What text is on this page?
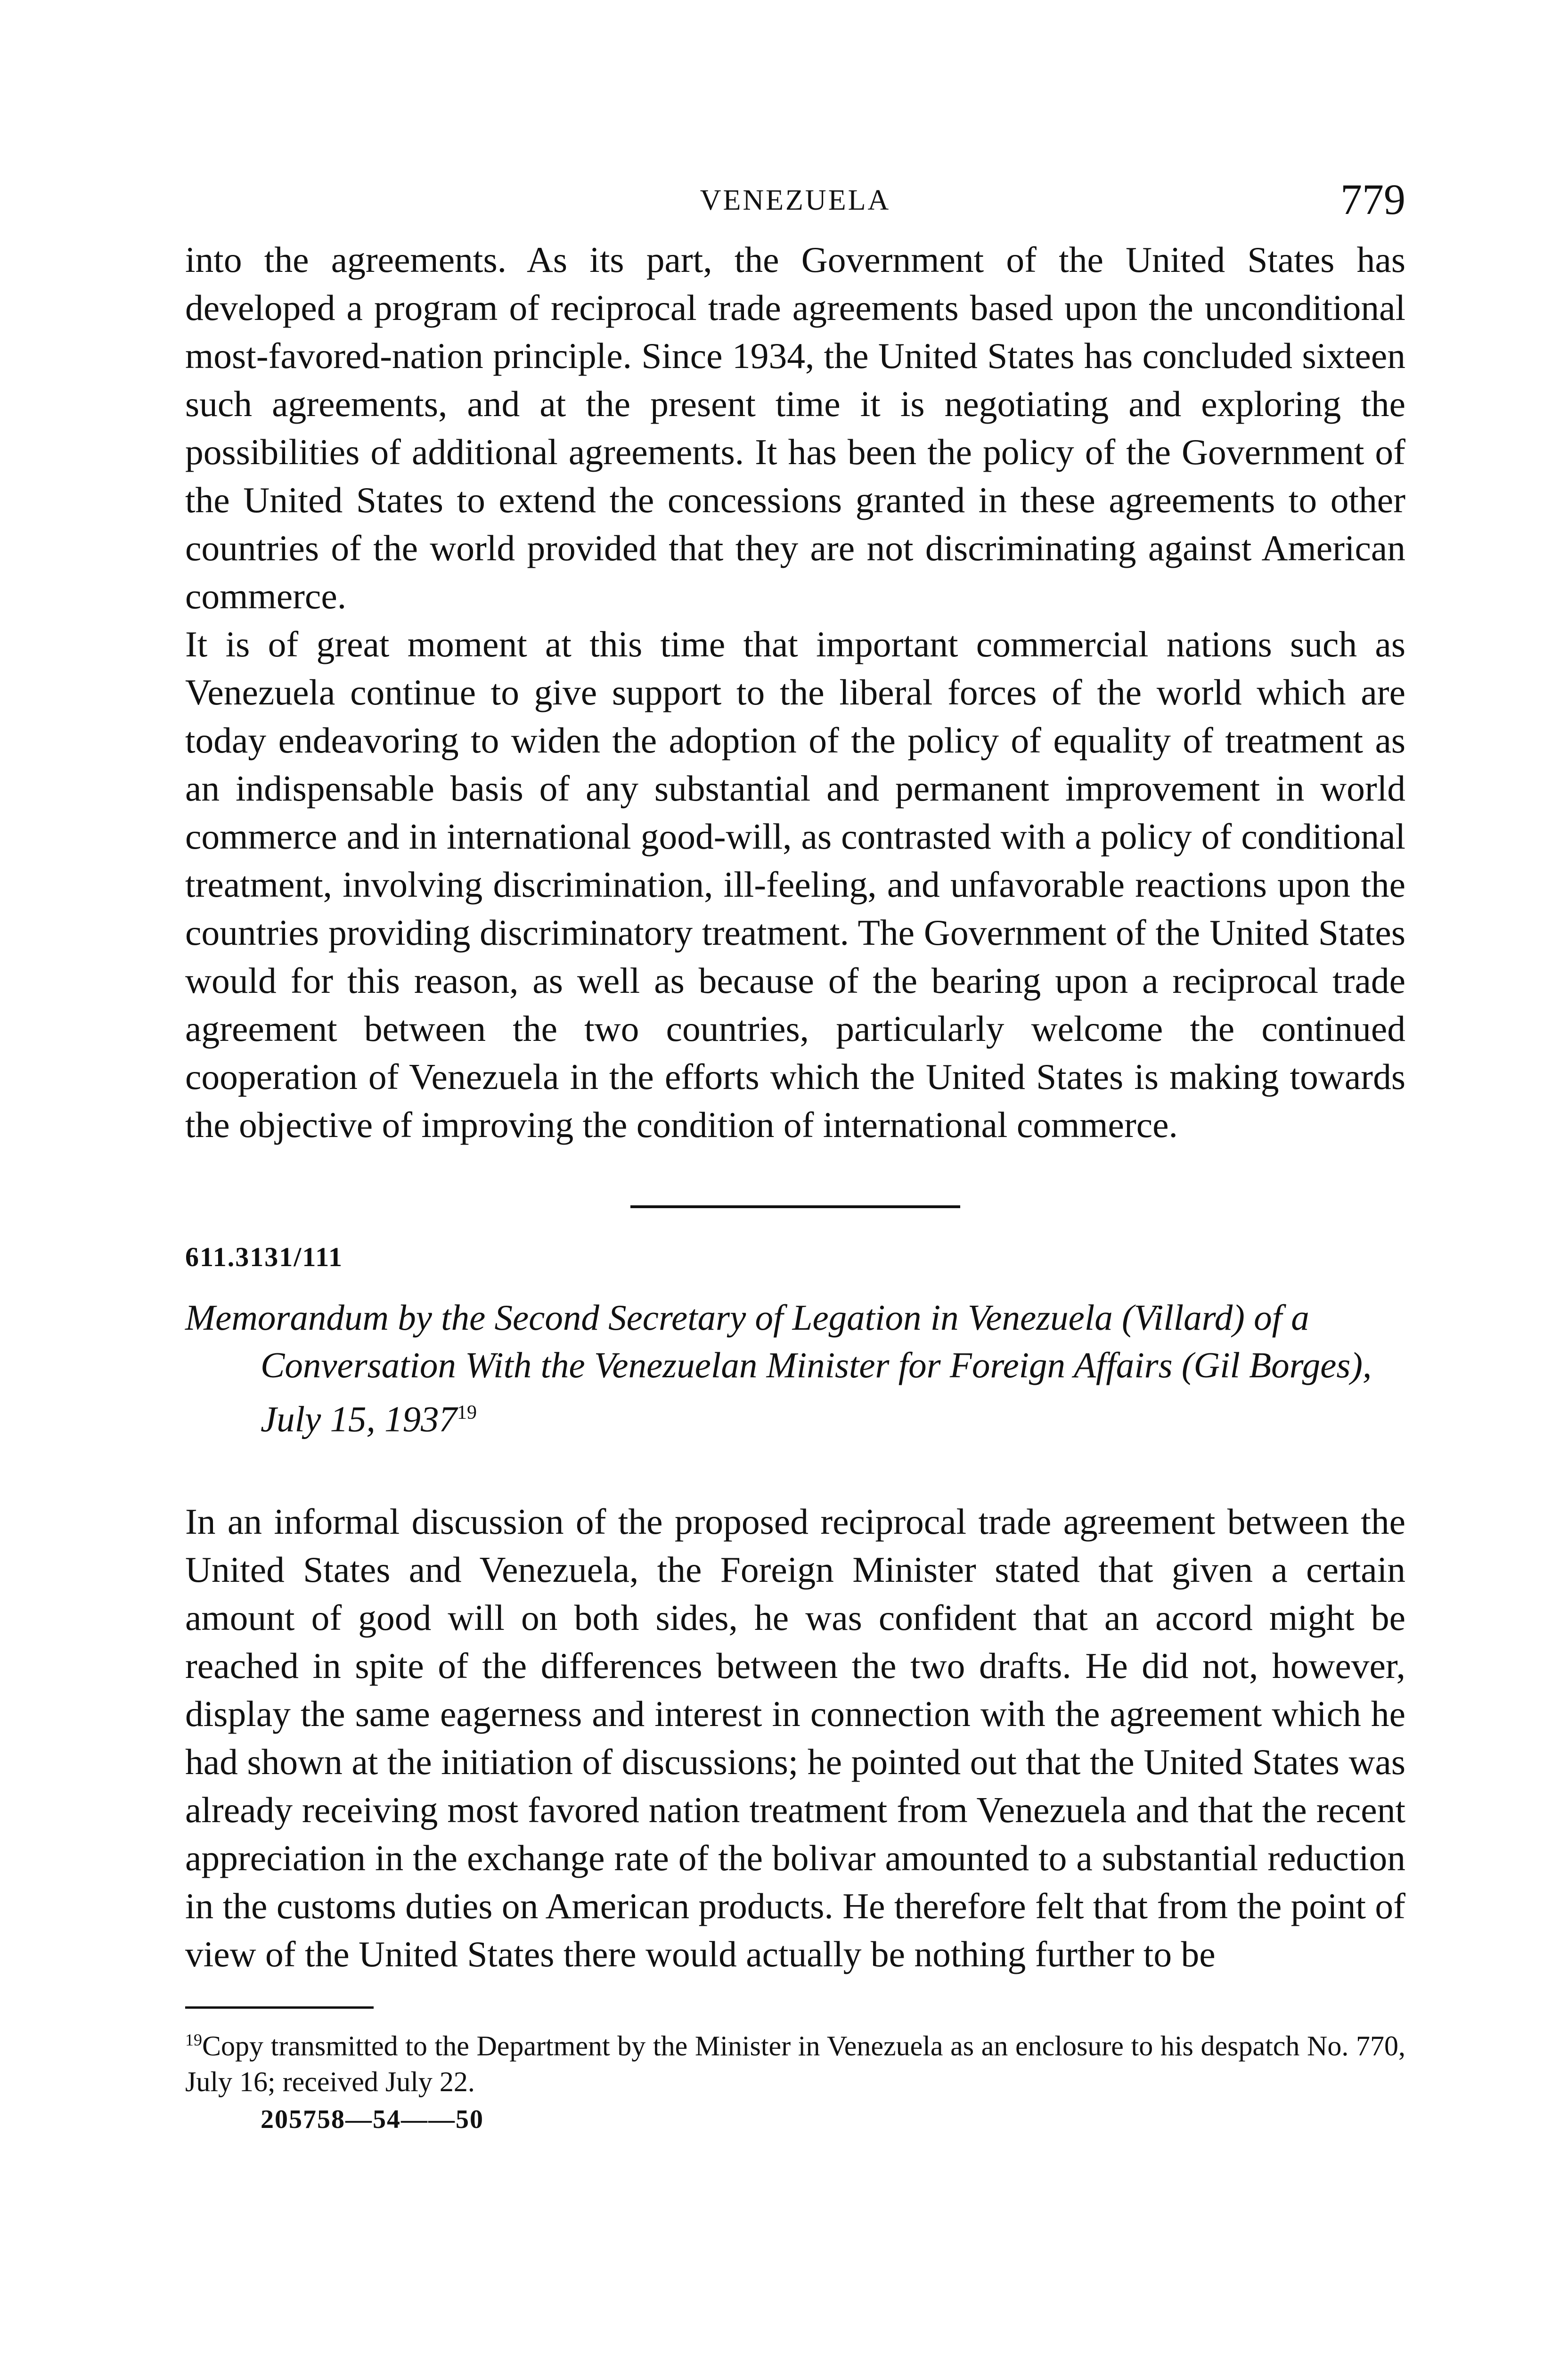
VENEZUELA	779

into the agreements. As its part, the Government of the United States has developed a program of reciprocal trade agreements based upon the unconditional most-favored-nation principle. Since 1934, the United States has concluded sixteen such agreements, and at the present time it is negotiating and exploring the possibilities of additional agreements. It has been the policy of the Government of the United States to extend the concessions granted in these agreements to other countries of the world provided that they are not discriminating against American commerce.

It is of great moment at this time that important commercial nations such as Venezuela continue to give support to the liberal forces of the world which are today endeavoring to widen the adoption of the policy of equality of treatment as an indispensable basis of any substantial and permanent improvement in world commerce and in international good-will, as contrasted with a policy of conditional treatment, involving discrimination, ill-feeling, and unfavorable reactions upon the countries providing discriminatory treatment. The Government of the United States would for this reason, as well as because of the bearing upon a reciprocal trade agreement between the two countries, particularly welcome the continued cooperation of Venezuela in the efforts which the United States is making towards the objective of improving the condition of international commerce.

611.3131/111

Memorandum by the Second Secretary of Legation in Venezuela (Villard) of a Conversation With the Venezuelan Minister for Foreign Affairs (Gil Borges), July 15, 1937$^{19}$

In an informal discussion of the proposed reciprocal trade agreement between the United States and Venezuela, the Foreign Minister stated that given a certain amount of good will on both sides, he was confident that an accord might be reached in spite of the differences between the two drafts. He did not, however, display the same eagerness and interest in connection with the agreement which he had shown at the initiation of discussions; he pointed out that the United States was already receiving most favored nation treatment from Venezuela and that the recent appreciation in the exchange rate of the bolivar amounted to a substantial reduction in the customs duties on American products. He therefore felt that from the point of view of the United States there would actually be nothing further to be

$^{19}$Copy transmitted to the Department by the Minister in Venezuela as an enclosure to his despatch No. 770, July 16; received July 22.

205758—54——50
